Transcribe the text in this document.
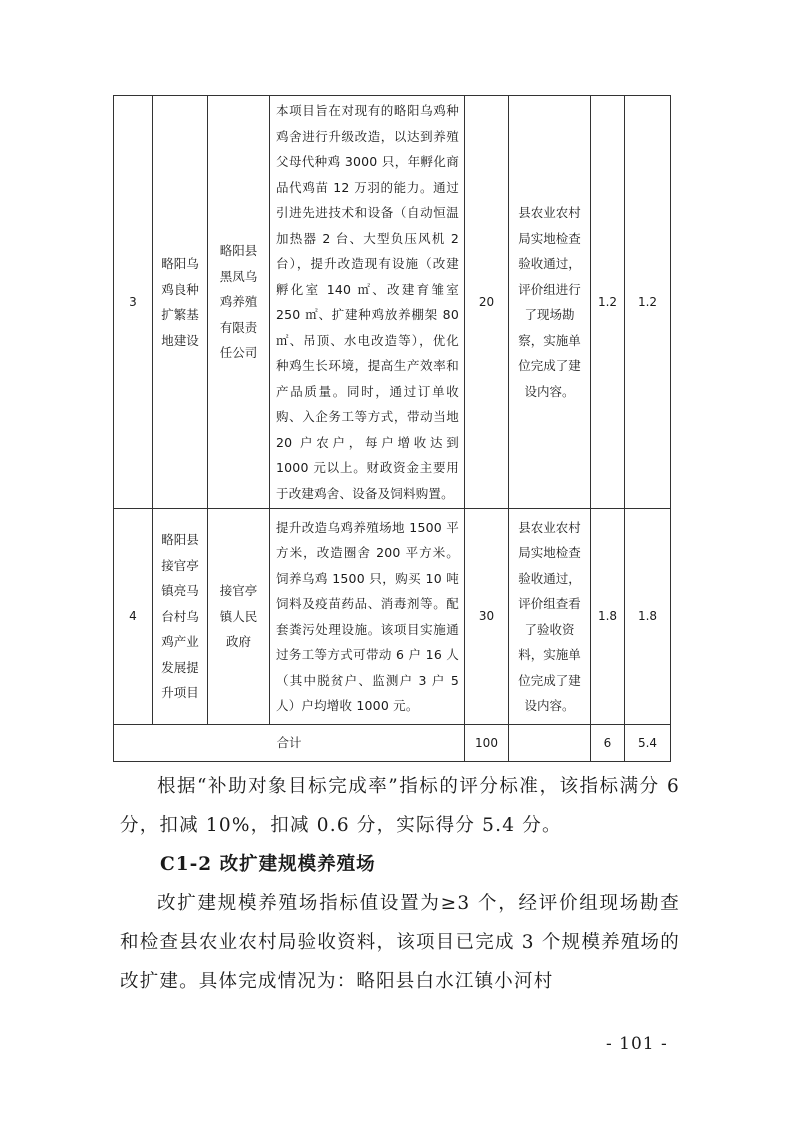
3	略阳乌鸡良种扩繁基地建设	略阳县黑凤乌鸡养殖有限责任公司	本项目旨在对现有的略阳乌鸡种鸡舍进行升级改造，以达到养殖父母代种鸡 3000 只，年孵化商品代鸡苗 12 万羽的能力。通过引进先进技术和设备（自动恒温加热器 2 台、大型负压风机 2 台），提升改造现有设施（改建孵化室 140 ㎡、改建育雏室 250 ㎡、扩建种鸡放养棚架 80 ㎡、吊顶、水电改造等），优化种鸡生长环境，提高生产效率和产品质量。同时，通过订单收购、入企务工等方式，带动当地 20 户农户，每户增收达到 1000 元以上。财政资金主要用于改建鸡舍、设备及饲料购置。	20	县农业农村局实地检查验收通过，评价组进行了现场勘察，实施单位完成了建设内容。	1.2	1.2
4	略阳县接官亭镇亮马台村乌鸡产业发展提升项目	接官亭镇人民政府	提升改造乌鸡养殖场地 1500 平方米，改造圈舍 200 平方米。饲养乌鸡 1500 只，购买 10 吨饲料及疫苗药品、消毒剂等。配套粪污处理设施。该项目实施通过务工等方式可带动 6 户 16 人（其中脱贫户、监测户 3 户 5 人）户均增收 1000 元。	30	县农业农村局实地检查验收通过，评价组查看了验收资料，实施单位完成了建设内容。	1.8	1.8
合计				100		6	5.4

根据“补助对象目标完成率”指标的评分标准，该指标满分 6 分，扣减 10%，扣减 0.6 分，实际得分 5.4 分。

C1-2 改扩建规模养殖场

改扩建规模养殖场指标值设置为≥3 个，经评价组现场勘查和检查县农业农村局验收资料，该项目已完成 3 个规模养殖场的改扩建。具体完成情况为：略阳县白水江镇小河村

- 101 -
